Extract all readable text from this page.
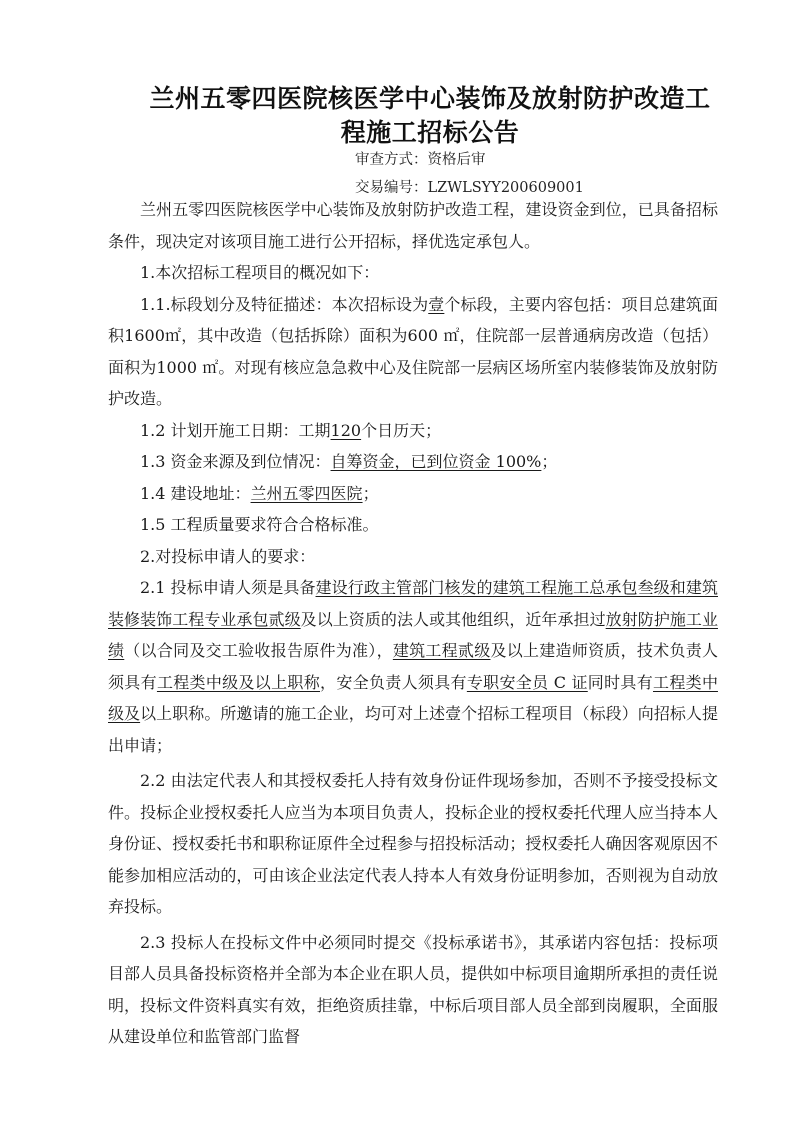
兰州五零四医院核医学中心装饰及放射防护改造工程施工招标公告
审查方式：资格后审
交易编号：LZWLSYY200609001

兰州五零四医院核医学中心装饰及放射防护改造工程，建设资金到位，已具备招标条件，现决定对该项目施工进行公开招标，择优选定承包人。

1.本次招标工程项目的概况如下：

1.1.标段划分及特征描述：本次招标设为壹个标段，主要内容包括：项目总建筑面积1600㎡，其中改造（包括拆除）面积为600 ㎡，住院部一层普通病房改造（包括）面积为1000 ㎡。对现有核应急急救中心及住院部一层病区场所室内装修装饰及放射防护改造。

1.2 计划开施工日期：工期120个日历天；

1.3 资金来源及到位情况：自筹资金，已到位资金 100%；

1.4 建设地址：兰州五零四医院；

1.5 工程质量要求符合合格标准。

2.对投标申请人的要求：

2.1 投标申请人须是具备建设行政主管部门核发的建筑工程施工总承包叁级和建筑装修装饰工程专业承包贰级及以上资质的法人或其他组织，近年承担过放射防护施工业绩（以合同及交工验收报告原件为准），建筑工程贰级及以上建造师资质，技术负责人须具有工程类中级及以上职称，安全负责人须具有专职安全员 C 证同时具有工程类中级及以上职称。所邀请的施工企业，均可对上述壹个招标工程项目（标段）向招标人提出申请；

2.2 由法定代表人和其授权委托人持有效身份证件现场参加，否则不予接受投标文件。投标企业授权委托人应当为本项目负责人，投标企业的授权委托代理人应当持本人身份证、授权委托书和职称证原件全过程参与招投标活动；授权委托人确因客观原因不能参加相应活动的，可由该企业法定代表人持本人有效身份证明参加，否则视为自动放弃投标。

2.3 投标人在投标文件中必须同时提交《投标承诺书》，其承诺内容包括：投标项目部人员具备投标资格并全部为本企业在职人员，提供如中标项目逾期所承担的责任说明，投标文件资料真实有效，拒绝资质挂靠，中标后项目部人员全部到岗履职，全面服从建设单位和监管部门监督
